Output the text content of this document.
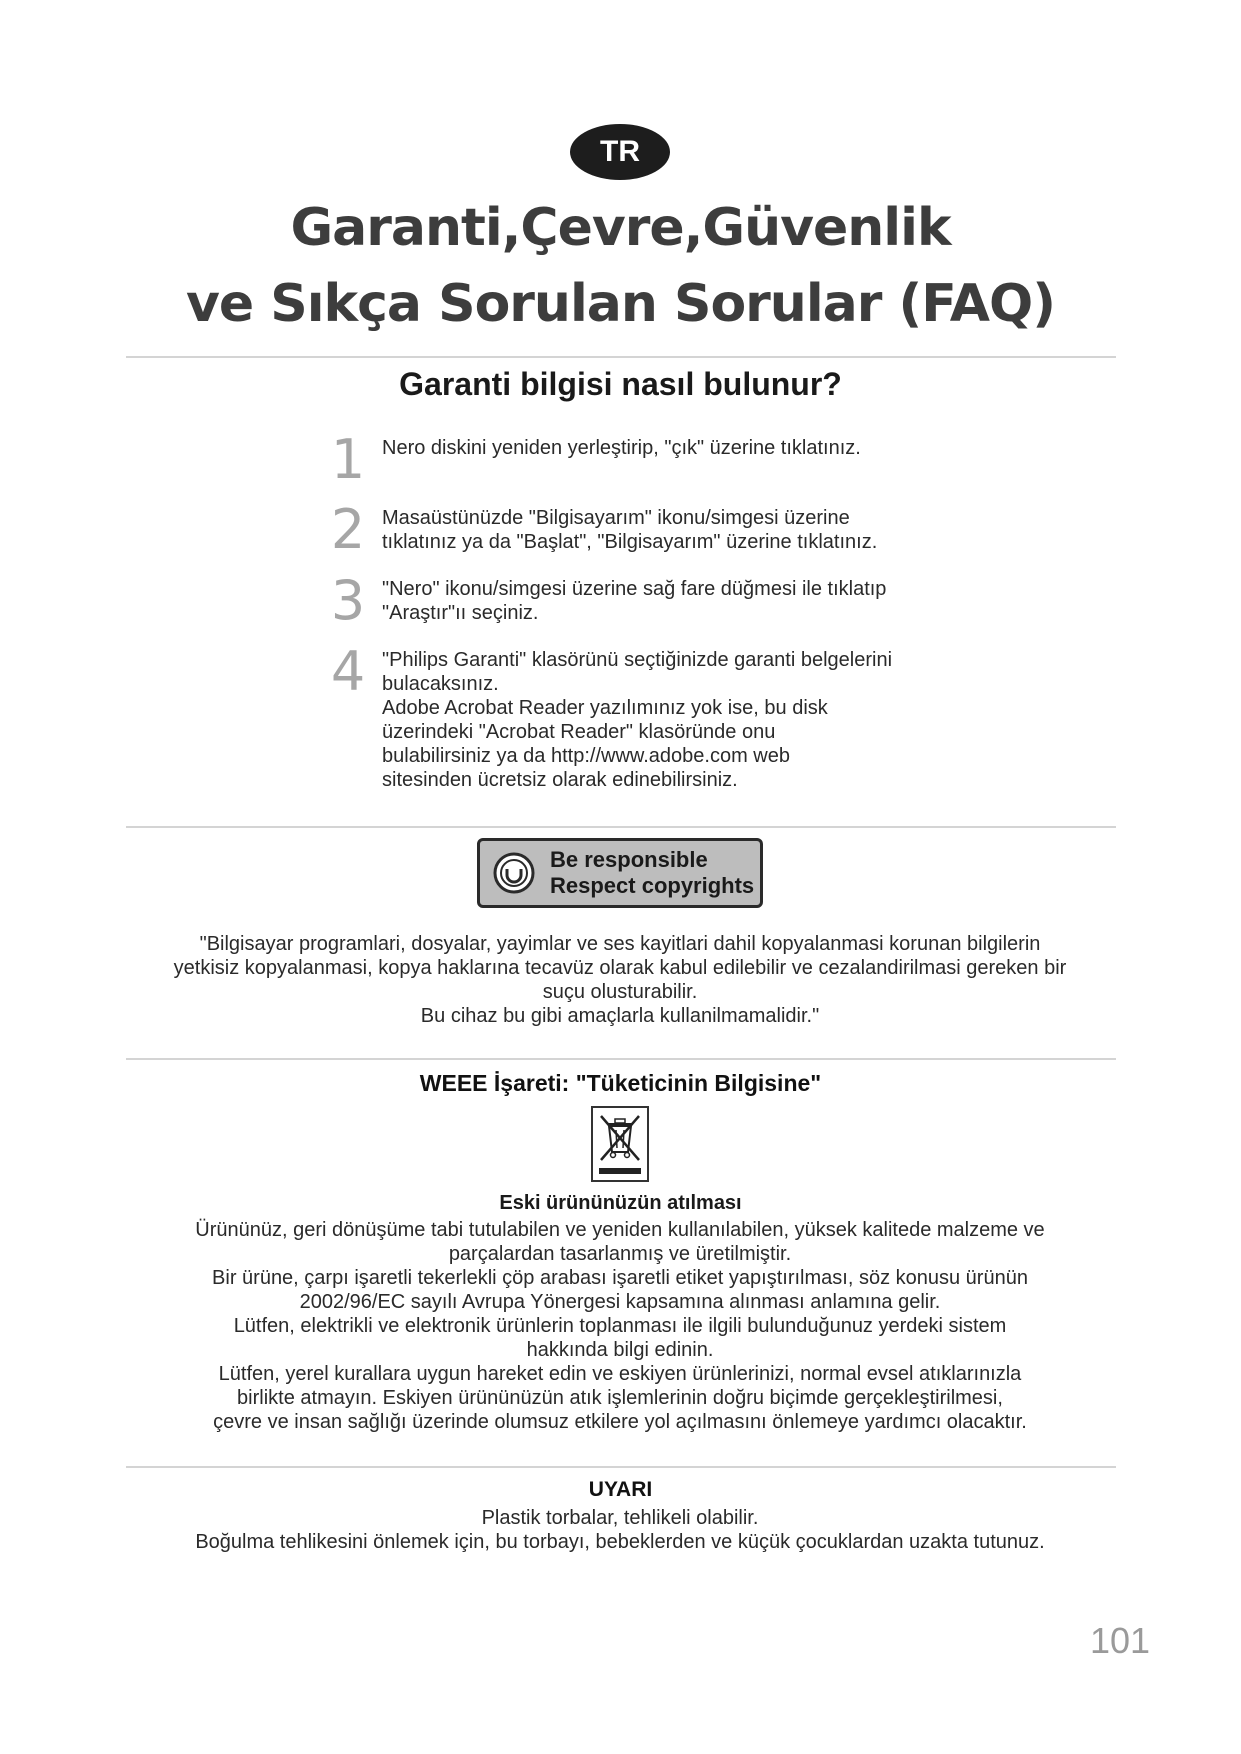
TR
Garanti,Çevre,Güvenlik
ve Sıkça Sorulan Sorular (FAQ)
Garanti bilgisi nasıl bulunur?
1 Nero diskini yeniden yerleştirip, "çık" üzerine tıklatınız.
2 Masaüstünüzde "Bilgisayarım" ikonu/simgesi üzerine
tıklatınız ya da "Başlat", "Bilgisayarım" üzerine tıklatınız.
3 "Nero" ikonu/simgesi üzerine sağ fare düğmesi ile tıklatıp
"Araştır"ıı seçiniz.
4 "Philips Garanti" klasörünü seçtiğinizde garanti belgelerini
bulacaksınız.
Adobe Acrobat Reader yazılımınız yok ise, bu disk
üzerindeki "Acrobat Reader" klasöründe onu
bulabilirsiniz ya da http://www.adobe.com web
sitesinden ücretsiz olarak edinebilirsiniz.
Be responsible
Respect copyrights
"Bilgisayar programlari, dosyalar, yayimlar ve ses kayitlari dahil kopyalanmasi korunan bilgilerin
yetkisiz kopyalanmasi, kopya haklarına tecavüz olarak kabul edilebilir ve cezalandirilmasi gereken bir
suçu olusturabilir.
Bu cihaz bu gibi amaçlarla kullanilmamalidir."
WEEE İşareti: "Tüketicinin Bilgisine"
Eski ürününüzün atılması
Ürününüz, geri dönüşüme tabi tutulabilen ve yeniden kullanılabilen, yüksek kalitede malzeme ve
parçalardan tasarlanmış ve üretilmiştir.
Bir ürüne, çarpı işaretli tekerlekli çöp arabası işaretli etiket yapıştırılması, söz konusu ürünün
2002/96/EC sayılı Avrupa Yönergesi kapsamına alınması anlamına gelir.
Lütfen, elektrikli ve elektronik ürünlerin toplanması ile ilgili bulunduğunuz yerdeki sistem
hakkında bilgi edinin.
Lütfen, yerel kurallara uygun hareket edin ve eskiyen ürünlerinizi, normal evsel atıklarınızla
birlikte atmayın. Eskiyen ürününüzün atık işlemlerinin doğru biçimde gerçekleştirilmesi,
çevre ve insan sağlığı üzerinde olumsuz etkilere yol açılmasını önlemeye yardımcı olacaktır.
UYARI
Plastik torbalar, tehlikeli olabilir.
Boğulma tehlikesini önlemek için, bu torbayı, bebeklerden ve küçük çocuklardan uzakta tutunuz.
101
